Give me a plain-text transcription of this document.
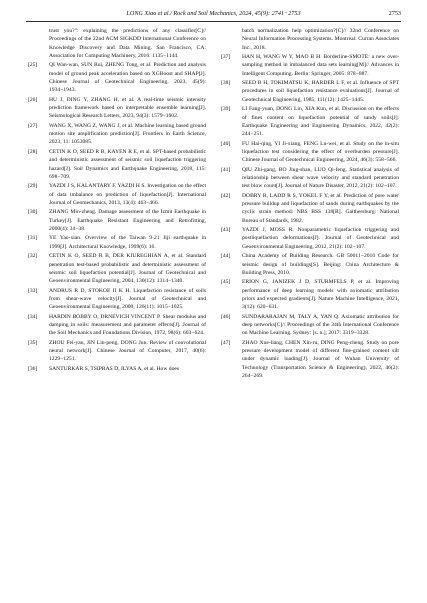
LONG Xiao et al./ Rock and Soil Mechanics, 2024, 45(9): 2741−2753	2753
trust you?": explaining the predictions of any classifier[C]// Proceedings of the 22nd ACM SIGKDD International Conference on Knowledge Discovery and Data Mining. San Francisco, CA: Association for Computing Machinery, 2016: 1135−1144.
[25] QI Wan-wan, SUN Rui, ZHENG Tong, et al. Prediction and analysis model of ground peak acceleration based on XGBoost and SHAP[J]. Chinese Journal of Geotechnical Engineering, 2023, 45(9): 1934−1943.
[26] HU J, DING Y, ZHANG H, et al. A real-time seismic intensity prediction framework based on interpretable ensemble learning[J]. Seismological Research Letters, 2023, 94(3): 1579−1602.
[27] WANG X, WANG Z, WANG J, et al. Machine learning based ground motion site amplification prediction[J]. Frontiers in Earth Science, 2023, 11: 1053085.
[28] CETIN K O, SEED R B, KAYEN R E, et al. SPT-based probabilistic and deterministic assessment of seismic soil liquefaction triggering hazard[J]. Soil Dynamics and Earthquake Engineering, 2018, 115: 698−709.
[29] YAZDI J S, KALANTARY F, YAZDI H S. Investigation on the effect of data imbalance on prediction of liquefaction[J]. International Journal of Geomechanics, 2013, 13(4): 463−466.
[30] ZHANG Min-zheng. Damage assessment of the Izmit Earthquake in Turkey[J]. Earthquake Resistant Engineering and Retrofitting, 2000(4): 34−38.
[31] YE Yao-xian. Overview of the Taiwan 9·21 Jiji earthquake in 1999[J]. Architectural Knowledge, 1999(6): 16.
[32] CETIN K O, SEED R B, DER KIUREGHIAN A, et al. Standard penetration test-based probabilistic and deterministic assessment of seismic soil liquefaction potential[J]. Journal of Geotechnical and Geoenvironmental Engineering, 2004, 130(12): 1314−1340.
[33] ANDRUS R D, STOKOE II K H. Liquefaction resistance of soils from shear-wave velocity[J]. Journal of Geotechnical and Geoenvironmental Engineering, 2000, 126(11): 1015−1025.
[34] HARDIN BOBBY O, DRNEVICH VINCENT P. Shear modulus and damping in soils: measurement and parameter effects[J]. Journal of the Soil Mechanics and Foundations Division, 1972, 98(6): 603−624.
[35] ZHOU Fei-yan, JIN Lin-peng, DONG Jun. Review of convolutional neural network[J]. Chinese Journal of Computer, 2017, 40(6): 1229−1251.
[36] SANTURKAR S, TSIPRAS D, ILYAS A, et al. How does
batch normalization help optimization?[C]// 32nd Conference on Neural Information Processing Systems. Montreal: Curran Associates Inc., 2018.
[37] HAN H, WANG W Y, MAO B H. Borderline-SMOTE: a new over-sampling method in imbalanced data sets learning[M]// Advances in Intelligent Computing. Berlin: Springer, 2005: 878−887.
[38] SEED B H, TOKIMATSU K, HARDER L F, et al. Influence of SPT procedures in soil liquefaction resistance evaluations[J]. Journal of Geotechnical Engineering, 1985, 111(12): 1425−1445.
[39] LI Fang-yuan, DONG Lin, XIA Kun, et al. Discussion on the effects of fines content on liquefaction potential of sandy soils[J]. Earthquake Engineering and Engineering Dynamics, 2022, 42(2): 244−251.
[40] FU Hai-qing, YI Ji-xiang, FENG Lu-wei, et al. Study on the in-situ liquefaction test considering the effect of overburden pressure[J]. Chinese Journal of Geotechnical Engineering, 2024, 46(3): 558−566.
[41] QIU Zhi-gang, BO Jing-shan, LUO Qi-feng. Statistical analysis of relationship between shear wave velocity and standard penetration test blow count[J]. Journal of Nature Disaster, 2012, 21(2): 102−107.
[42] DOBRY R, LADD R S, YOKEL F Y, et al. Prediction of pore water pressure buildup and liquefaction of sands during earthquakes by the cyclic strain method: NBS BSS 138[R]. Gaithersburg: National Bureau of Standards, 1982.
[43] YAZDI J, MOSS R. Nonparametric liquefaction triggering and postliquefaction deformations[J]. Journal of Geotechnical and Geoenvironmental Engineering, 2012, 21(2): 102−107.
[44] China Academy of Building Research. GB 50011−2010 Code for seismic design of buildings[S]. Beijing: China Architecture & Building Press, 2010.
[45] ERION G, JANIZEK J D, STURMFELS P, et al. Improving performance of deep learning models with axiomatic attribution priors and expected gradients[J]. Nature Machine Intelligence, 2021, 3(12): 620−631.
[46] SUNDARARAJAN M, TALY A, YAN Q. Axiomatic attribution for deep networks[C]// Proceedings of the 34th International Conference on Machine Learning. Sydney: [s. n.], 2017: 3319−3328.
[47] ZHAO Xue-liang, CHEN Xin-ru, DING Peng-cheng. Study on pore pressure development model of different fine-grained content silt under dynamic loading[J]. Journal of Wuhan University of Technology (Transportation Science & Engineering), 2022, 46(2): 264−269.
